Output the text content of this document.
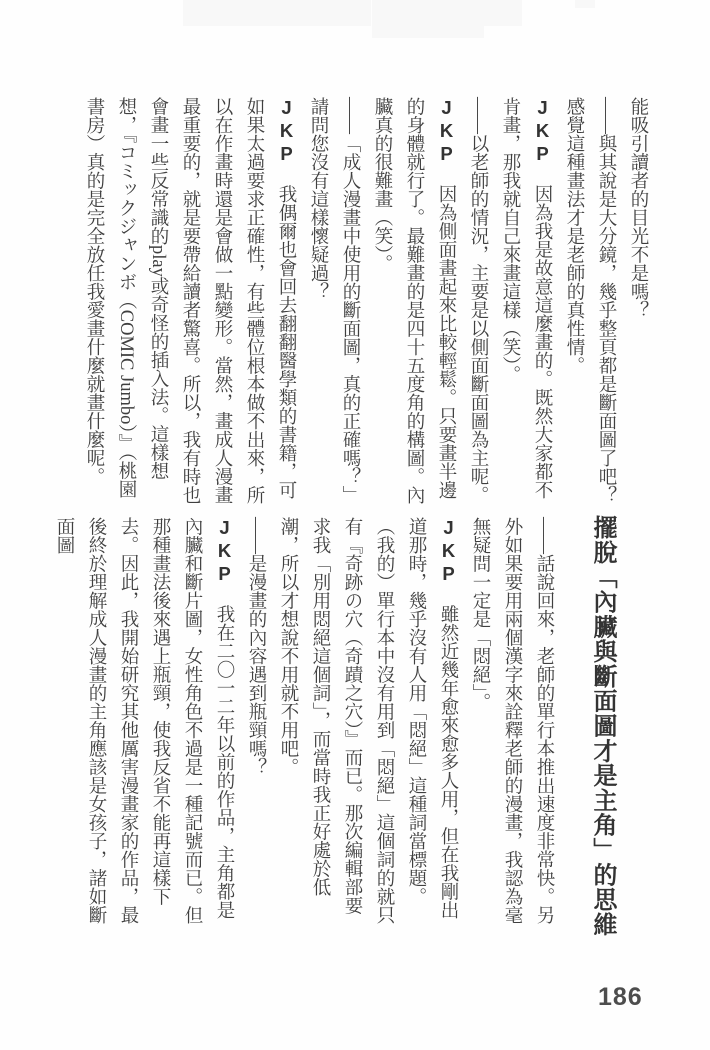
能吸引讀者的目光不是嗎？

——與其說是大分鏡，幾乎整頁都是斷面圖了吧？感覺這種畫法才是老師的真性情。

JKP　因為我是故意這麼畫的。既然大家都不肯畫，那我就自己來畫這樣（笑）。

——以老師的情況，主要是以側面斷面圖為主呢。

JKP　因為側面畫起來比較輕鬆。只要畫半邊的身體就行了。最難畫的是四十五度角的構圖。內臟真的很難畫（笑）。

——「成人漫畫中使用的斷面圖，真的正確嗎？」請問您沒有這樣懷疑過？

JKP　我偶爾也會回去翻翻醫學類的書籍，可如果太過要求正確性，有些體位根本做不出來，所以在作畫時還是會做一點變形。當然，畫成人漫畫最重要的，就是要帶給讀者驚喜。所以，我有時也會畫一些反常識的play或奇怪的插入法。這樣想想，『コミックジャンボ（COMIC Jumbo）』（桃園書房）真的是完全放任我愛畫什麼就畫什麼呢。

擺脫「內臟與斷面圖才是主角」的思維

——話說回來，老師的單行本推出速度非常快。另外如果要用兩個漢字來詮釋老師的漫畫，我認為毫無疑問一定是「悶絕」。

JKP　雖然近幾年愈來愈多人用，但在我剛出道那時，幾乎沒有人用「悶絕」這種詞當標題。（我的）單行本中沒有用到「悶絕」這個詞的就只有『奇跡の穴（奇蹟之穴）』而已。那次編輯部要求我「別用悶絕這個詞」，而當時我正好處於低潮，所以才想說不用就不用吧。

——是漫畫的內容遇到瓶頸嗎？

JKP　我在二〇一二年以前的作品，主角都是內臟和斷片圖，女性角色不過是一種記號而已。但那種畫法後來遇上瓶頸，使我反省不能再這樣下去。因此，我開始研究其他厲害漫畫家的作品，最後終於理解成人漫畫的主角應該是女孩子，諸如斷面圖

186
